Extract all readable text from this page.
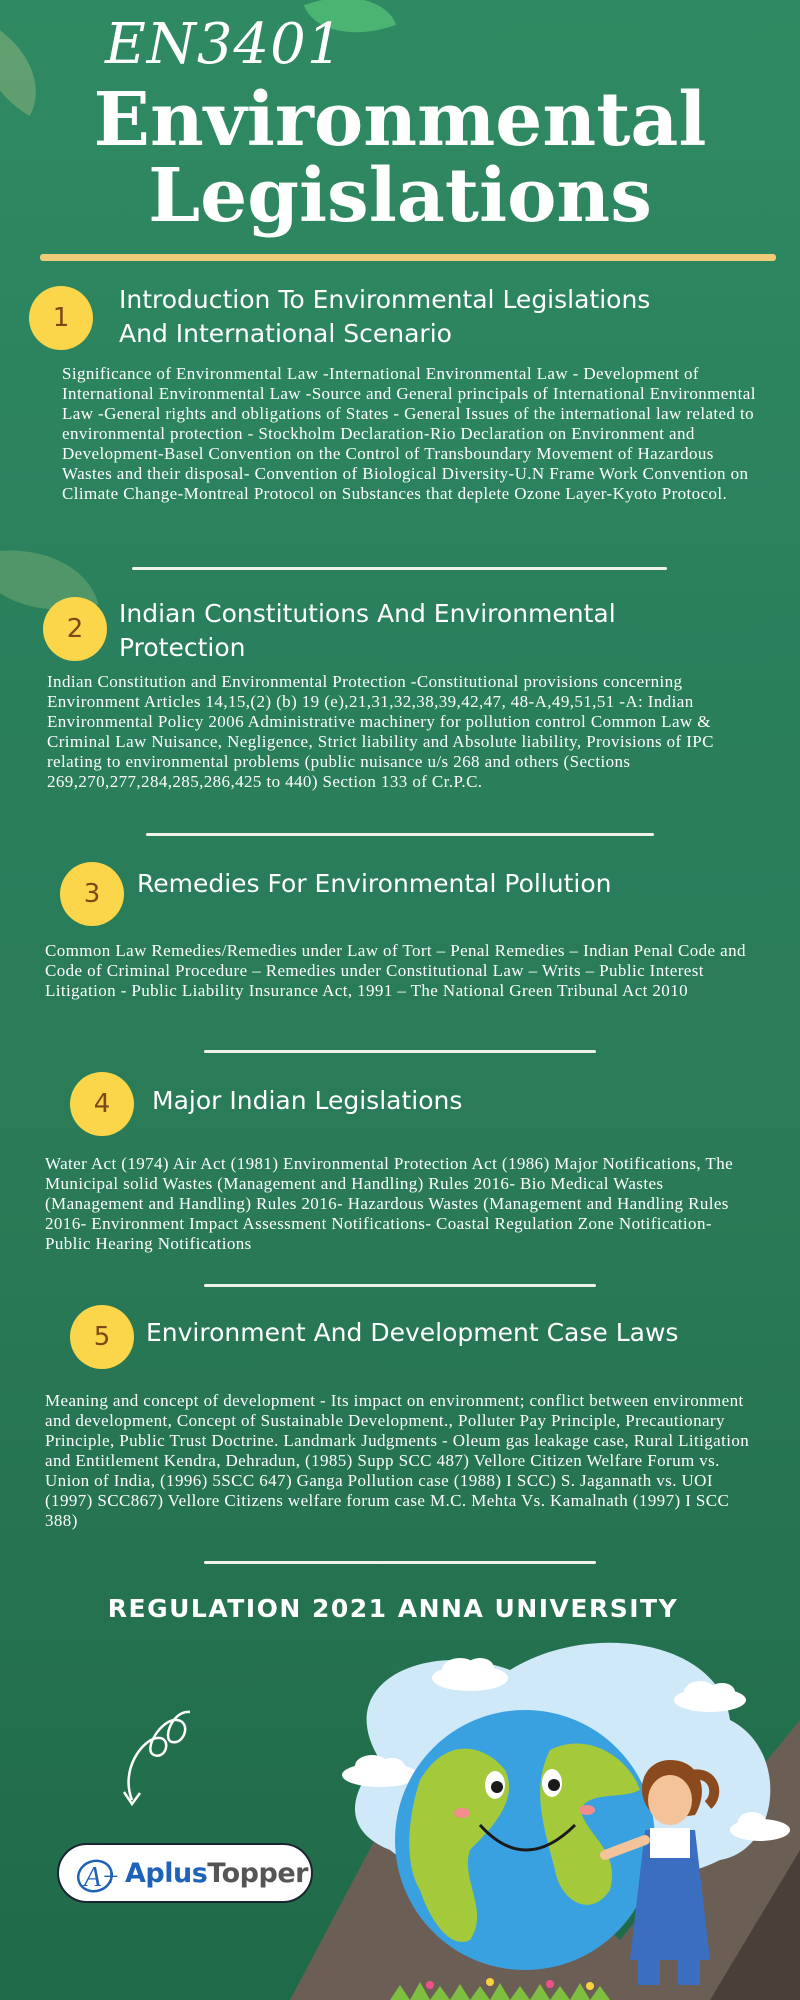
EN3401
Environmental
Legislations
1
Introduction To Environmental Legislations
And International Scenario
Significance of Environmental Law -International Environmental Law - Development of International Environmental Law -Source and General principals of International Environmental Law -General rights and obligations of States - General Issues of the international law related to environmental protection - Stockholm Declaration-Rio Declaration on Environment and Development-Basel Convention on the Control of Transboundary Movement of Hazardous Wastes and their disposal- Convention of Biological Diversity-U.N Frame Work Convention on Climate Change-Montreal Protocol on Substances that deplete Ozone Layer-Kyoto Protocol.
2
Indian Constitutions And Environmental
Protection
Indian Constitution and Environmental Protection -Constitutional provisions concerning Environment Articles 14,15,(2) (b) 19 (e),21,31,32,38,39,42,47, 48-A,49,51,51 -A: Indian Environmental Policy 2006 Administrative machinery for pollution control Common Law & Criminal Law Nuisance, Negligence, Strict liability and Absolute liability, Provisions of IPC relating to environmental problems (public nuisance u/s 268 and others (Sections 269,270,277,284,285,286,425 to 440) Section 133 of Cr.P.C.
3	Remedies For Environmental Pollution
Common Law Remedies/Remedies under Law of Tort – Penal Remedies – Indian Penal Code and Code of Criminal Procedure – Remedies under Constitutional Law – Writs – Public Interest Litigation - Public Liability Insurance Act, 1991 – The National Green Tribunal Act 2010
4	Major Indian Legislations
Water Act (1974) Air Act (1981) Environmental Protection Act (1986) Major Notifications, The Municipal solid Wastes (Management and Handling) Rules 2016- Bio Medical Wastes (Management and Handling) Rules 2016- Hazardous Wastes (Management and Handling Rules 2016- Environment Impact Assessment Notifications- Coastal Regulation Zone Notification- Public Hearing Notifications
5	Environment And Development Case Laws
Meaning and concept of development - Its impact on environment; conflict between environment and development, Concept of Sustainable Development., Polluter Pay Principle, Precautionary Principle, Public Trust Doctrine. Landmark Judgments - Oleum gas leakage case, Rural Litigation and Entitlement Kendra, Dehradun, (1985) Supp SCC 487) Vellore Citizen Welfare Forum vs. Union of India, (1996) 5SCC 647) Ganga Pollution case (1988) I SCC) S. Jagannath vs. UOI (1997) SCC867) Vellore Citizens welfare forum case M.C. Mehta Vs. Kamalnath (1997) I SCC 388)
REGULATION 2021 ANNA UNIVERSITY
A+ AplusTopper
